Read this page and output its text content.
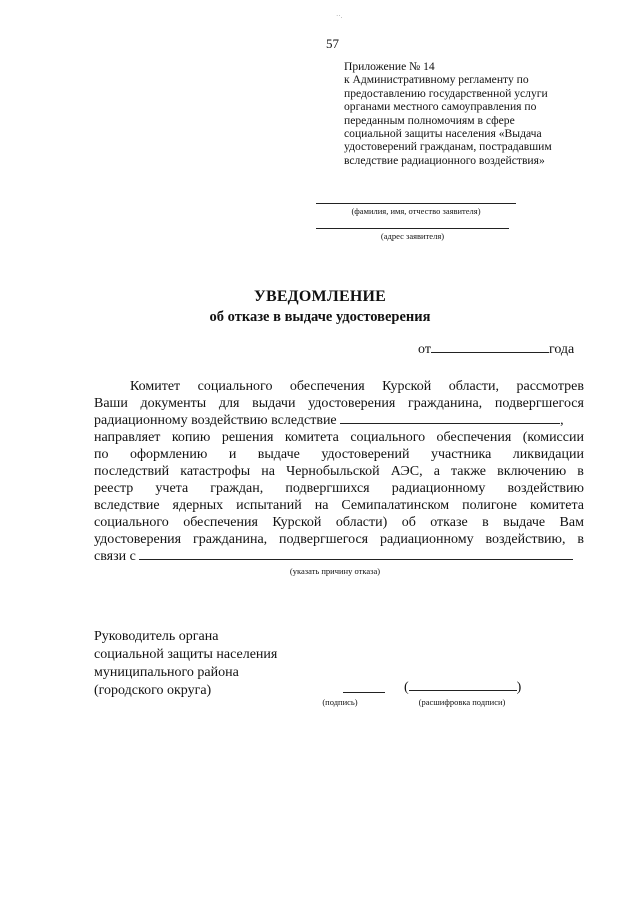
··.
57
Приложение № 14
к Административному регламенту по
предоставлению государственной услуги
органами местного самоуправления по
переданным полномочиям в сфере
социальной защиты населения «Выдача
удостоверений гражданам, пострадавшим
вследствие радиационного воздействия»
(фамилия, имя, отчество заявителя)
(адрес заявителя)
УВЕДОМЛЕНИЕ
об отказе в выдаче удостоверения
от	года
Комитет социального обеспечения Курской области, рассмотрев
Ваши документы для выдачи удостоверения гражданина, подвергшегося
радиационному воздействию вследствие
	,
направляет копию решения комитета социального обеспечения (комиссии
по оформлению и выдаче удостоверений участника ликвидации
последствий катастрофы на Чернобыльской АЭС, а также включению в
реестр учета граждан, подвергшихся радиационному воздействию
вследствие ядерных испытаний на Семипалатинском полигоне комитета
социального обеспечения Курской области) об отказе в выдаче Вам
удостоверения гражданина, подвергшегося радиационному воздействию, в
связи с

(указать причину отказа)
Руководитель органа
социальной защиты населения
муниципального района
(городского округа)
(подпись)
(	)
(расшифровка подписи)
